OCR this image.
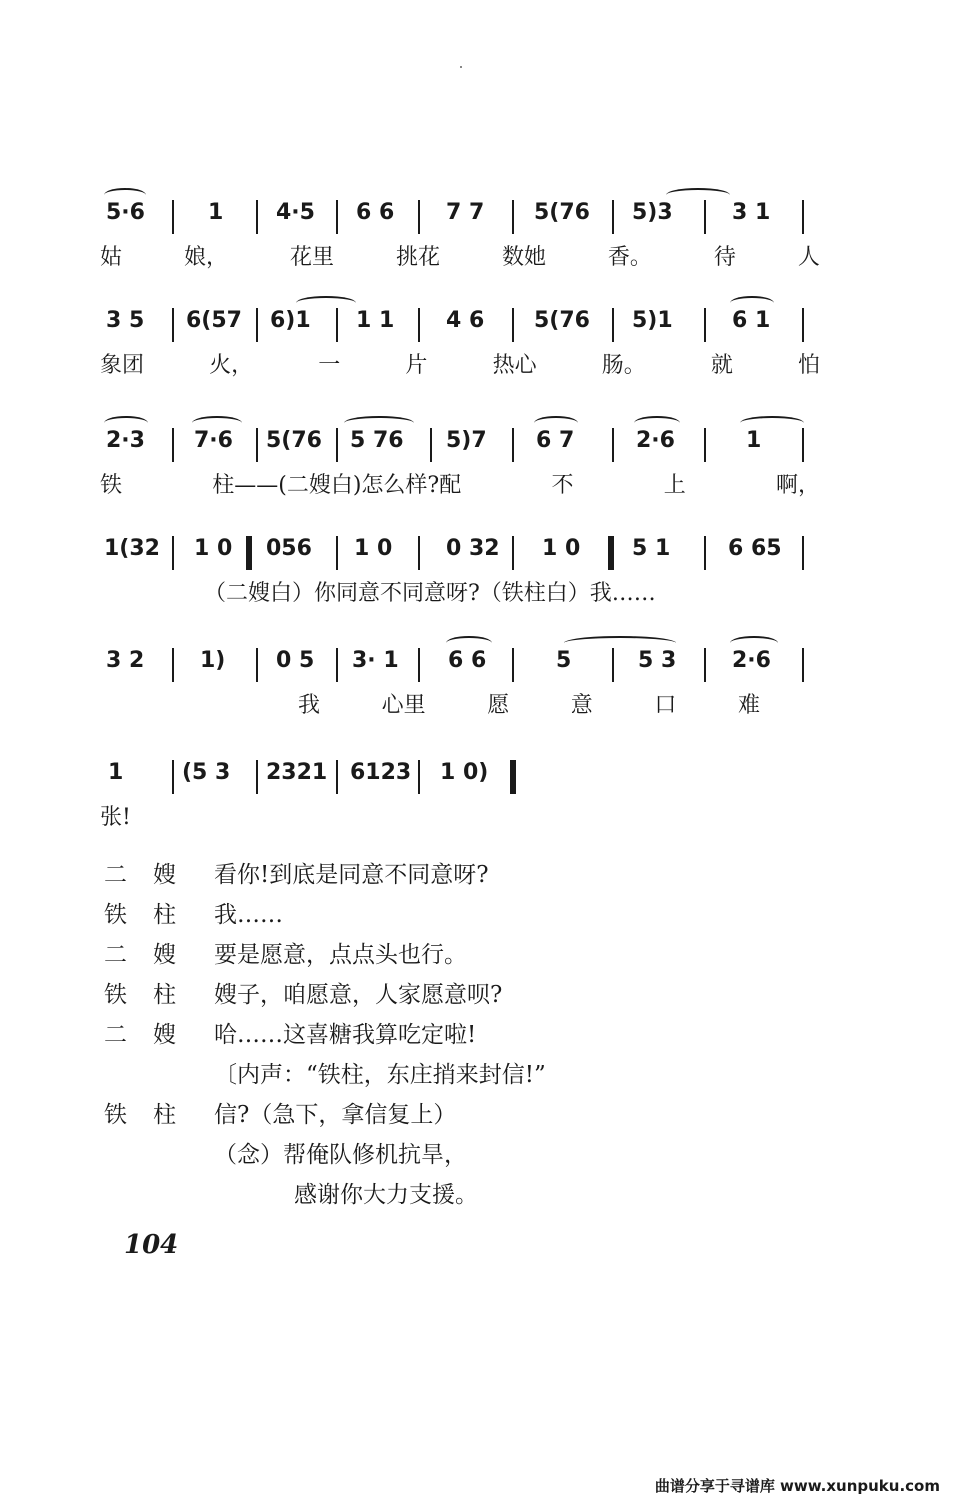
5·6	1 4·5 6 6 7 7 5(76 5)3	3 1
姑	娘，	花里	挑花	数她	香。	待	人
3 5 6(57 6)1 1 1 4 6 5(76 5)1	6 1
象团	火，	一	片	热心	肠。	就	怕
2·3 7·6 5(76 5 76 5)7 6 7	2·6	1
铁	柱——(二嫂白)怎么样?配	不	上	啊，
1(32 1 0 056 1 0 0 32 1 0 5 1	6 65
（二嫂白）你同意不同意呀?（铁柱白）我……
3 2	1) 0 5 3· 1 6 6	5	5 3	2·6
我	心里	愿	意	口	难
1	(5 3 2321 6123 1 0)
张!
二嫂 看你!到底是同意不同意呀?
铁柱 我……
二嫂 要是愿意，点点头也行。
铁柱 嫂子，咱愿意，人家愿意呗?
二嫂 哈……这喜糖我算吃定啦!
〔内声：“铁柱，东庄捎来封信!”
铁柱 信?（急下，拿信复上）
（念）帮俺队修机抗旱，
感谢你大力支援。
104
曲谱分享于寻谱库 www.xunpuku.com
